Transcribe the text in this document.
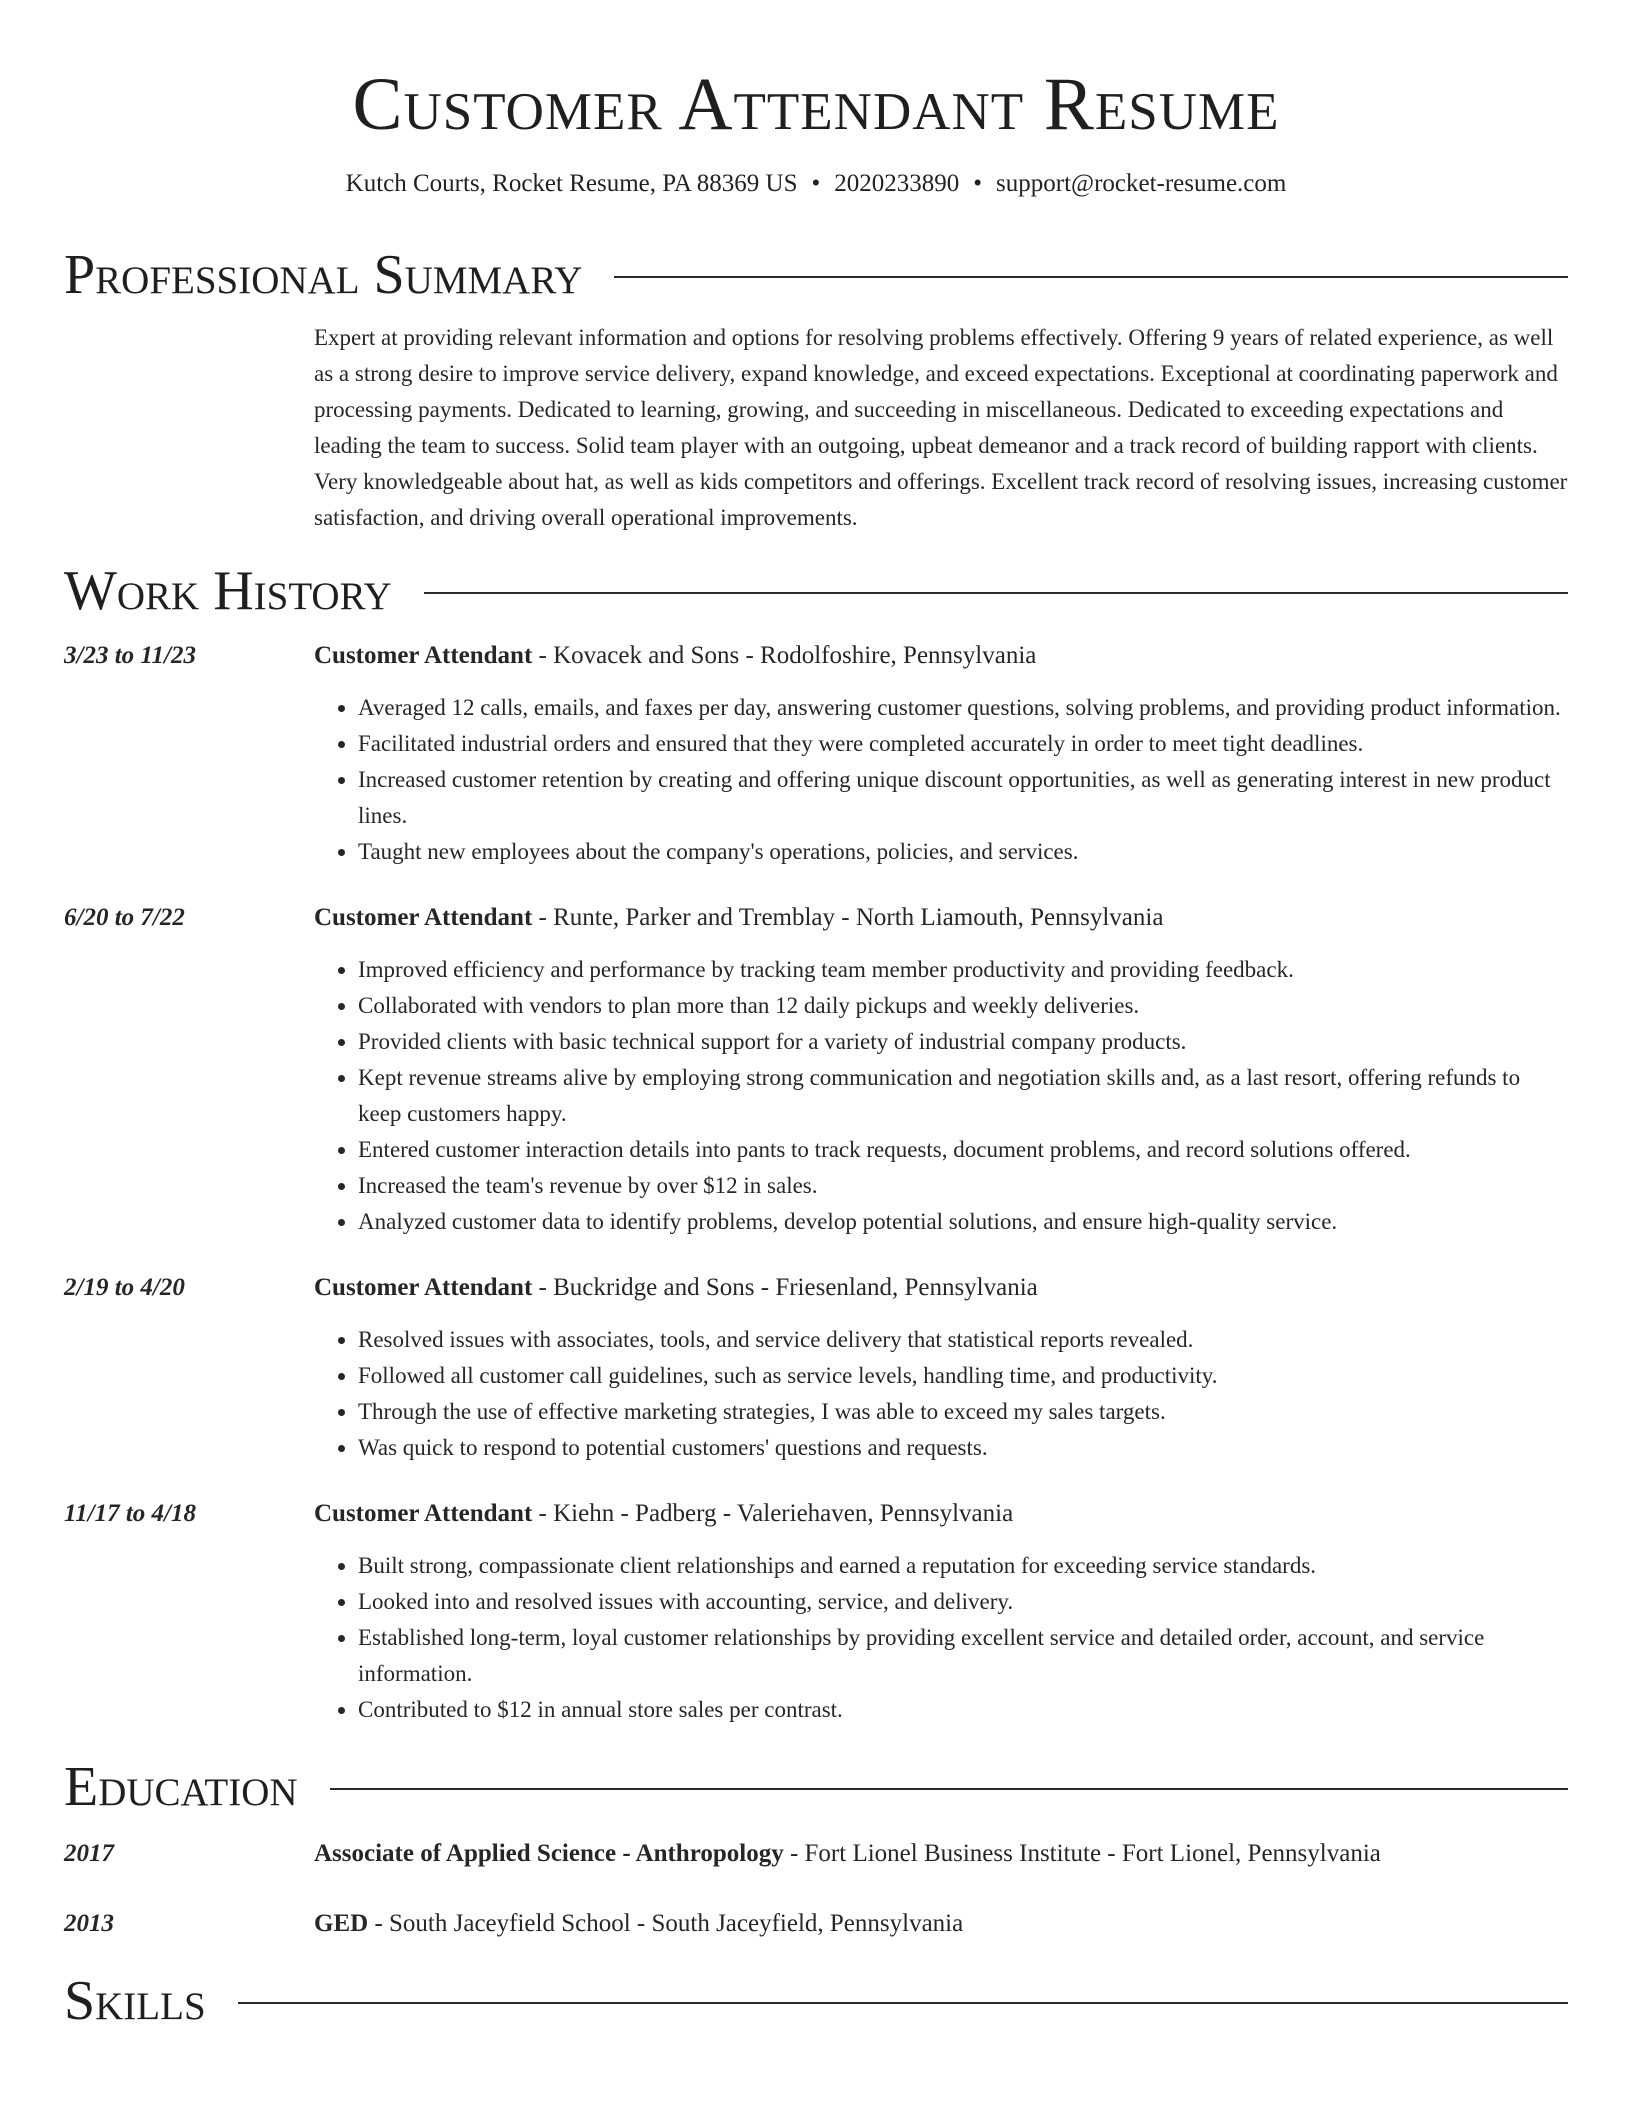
Customer Attendant Resume
Kutch Courts, Rocket Resume, PA 88369 US • 2020233890 • support@rocket-resume.com
Professional Summary

Expert at providing relevant information and options for resolving problems effectively. Offering 9 years of related experience, as well as a strong desire to improve service delivery, expand knowledge, and exceed expectations. Exceptional at coordinating paperwork and processing payments. Dedicated to learning, growing, and succeeding in miscellaneous. Dedicated to exceeding expectations and leading the team to success. Solid team player with an outgoing, upbeat demeanor and a track record of building rapport with clients. Very knowledgeable about hat, as well as kids competitors and offerings. Excellent track record of resolving issues, increasing customer satisfaction, and driving overall operational improvements.

Work History
3/23 to 11/23	Customer Attendant - Kovacek and Sons - Rodolfoshire, Pennsylvania
• Averaged 12 calls, emails, and faxes per day, answering customer questions, solving problems, and providing product information.
• Facilitated industrial orders and ensured that they were completed accurately in order to meet tight deadlines.
• Increased customer retention by creating and offering unique discount opportunities, as well as generating interest in new product lines.
• Taught new employees about the company's operations, policies, and services.
6/20 to 7/22	Customer Attendant - Runte, Parker and Tremblay - North Liamouth, Pennsylvania
• Improved efficiency and performance by tracking team member productivity and providing feedback.
• Collaborated with vendors to plan more than 12 daily pickups and weekly deliveries.
• Provided clients with basic technical support for a variety of industrial company products.
• Kept revenue streams alive by employing strong communication and negotiation skills and, as a last resort, offering refunds to keep customers happy.
• Entered customer interaction details into pants to track requests, document problems, and record solutions offered.
• Increased the team's revenue by over $12 in sales.
• Analyzed customer data to identify problems, develop potential solutions, and ensure high-quality service.
2/19 to 4/20	Customer Attendant - Buckridge and Sons - Friesenland, Pennsylvania
• Resolved issues with associates, tools, and service delivery that statistical reports revealed.
• Followed all customer call guidelines, such as service levels, handling time, and productivity.
• Through the use of effective marketing strategies, I was able to exceed my sales targets.
• Was quick to respond to potential customers' questions and requests.
11/17 to 4/18	Customer Attendant - Kiehn - Padberg - Valeriehaven, Pennsylvania
• Built strong, compassionate client relationships and earned a reputation for exceeding service standards.
• Looked into and resolved issues with accounting, service, and delivery.
• Established long-term, loyal customer relationships by providing excellent service and detailed order, account, and service information.
• Contributed to $12 in annual store sales per contrast.
Education
2017	Associate of Applied Science - Anthropology - Fort Lionel Business Institute - Fort Lionel, Pennsylvania
2013	GED - South Jaceyfield School - South Jaceyfield, Pennsylvania
Skills
